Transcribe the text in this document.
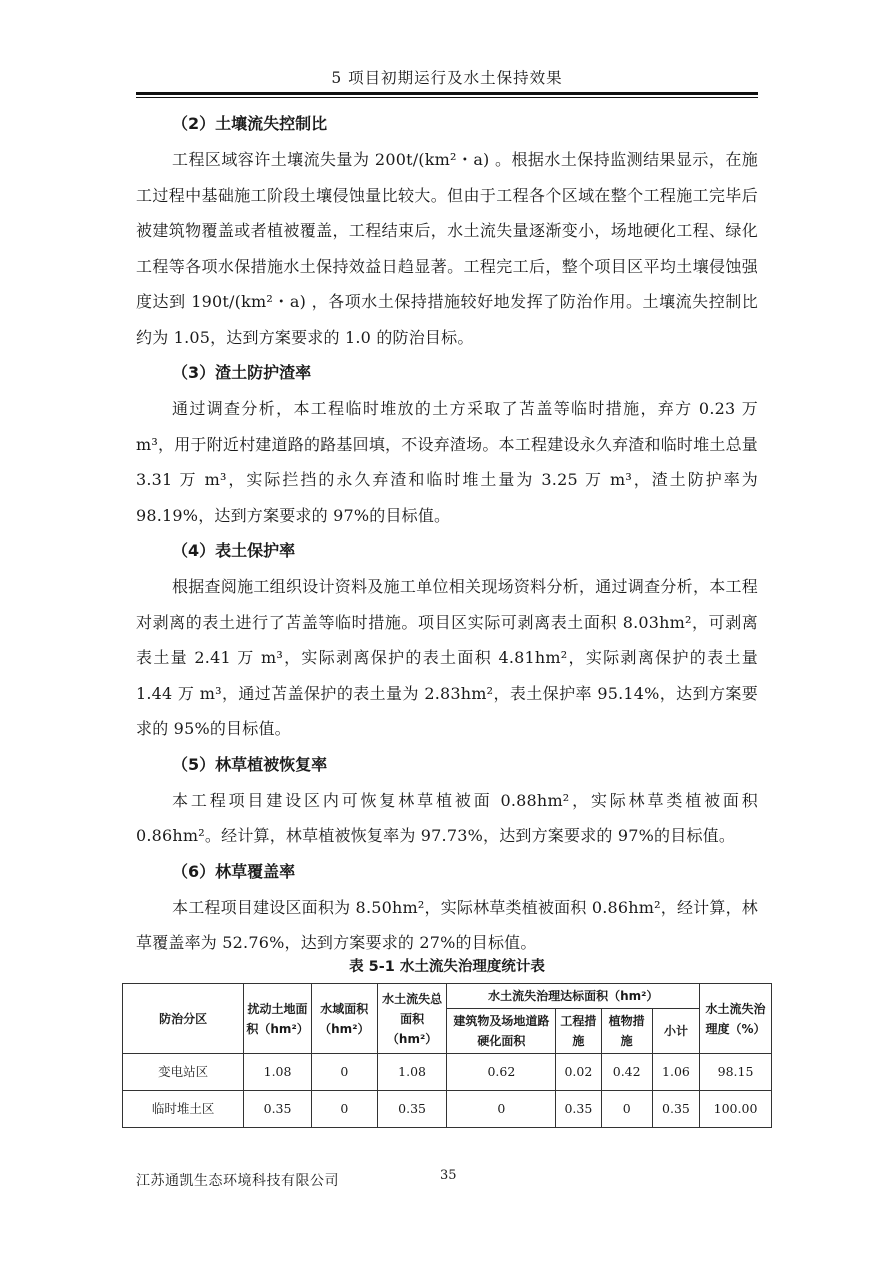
5 项目初期运行及水土保持效果
（2）土壤流失控制比

工程区域容许土壤流失量为 200t/(km²・a) 。根据水土保持监测结果显示，在施工过程中基础施工阶段土壤侵蚀量比较大。但由于工程各个区域在整个工程施工完毕后被建筑物覆盖或者植被覆盖，工程结束后，水土流失量逐渐变小，场地硬化工程、绿化工程等各项水保措施水土保持效益日趋显著。工程完工后，整个项目区平均土壤侵蚀强度达到 190t/(km²・a) ，各项水土保持措施较好地发挥了防治作用。土壤流失控制比约为 1.05，达到方案要求的 1.0 的防治目标。

（3）渣土防护渣率

通过调查分析，本工程临时堆放的土方采取了苫盖等临时措施，弃方 0.23 万 m³，用于附近村建道路的路基回填，不设弃渣场。本工程建设永久弃渣和临时堆土总量 3.31 万 m³，实际拦挡的永久弃渣和临时堆土量为 3.25 万 m³，渣土防护率为 98.19%，达到方案要求的 97%的目标值。

（4）表土保护率

根据查阅施工组织设计资料及施工单位相关现场资料分析，通过调查分析，本工程对剥离的表土进行了苫盖等临时措施。项目区实际可剥离表土面积 8.03hm²，可剥离表土量 2.41 万 m³，实际剥离保护的表土面积 4.81hm²，实际剥离保护的表土量 1.44 万 m³，通过苫盖保护的表土量为 2.83hm²，表土保护率 95.14%，达到方案要求的 95%的目标值。

（5）林草植被恢复率

本工程项目建设区内可恢复林草植被面 0.88hm²，实际林草类植被面积 0.86hm²。经计算，林草植被恢复率为 97.73%，达到方案要求的 97%的目标值。

（6）林草覆盖率

本工程项目建设区面积为 8.50hm²，实际林草类植被面积 0.86hm²，经计算，林草覆盖率为 52.76%，达到方案要求的 27%的目标值。

表 5-1 水土流失治理度统计表
防治分区	扰动土地面积（hm²）	水域面积（hm²）	水土流失总面积（hm²）	水土流失治理达标面积（hm²）				水土流失治理度（%）
				建筑物及场地道路硬化面积	工程措施	植物措施	小计	
变电站区	1.08	0	1.08	0.62	0.02	0.42	1.06	98.15
临时堆土区	0.35	0	0.35	0	0.35	0	0.35	100.00
江苏通凯生态环境科技有限公司	35
